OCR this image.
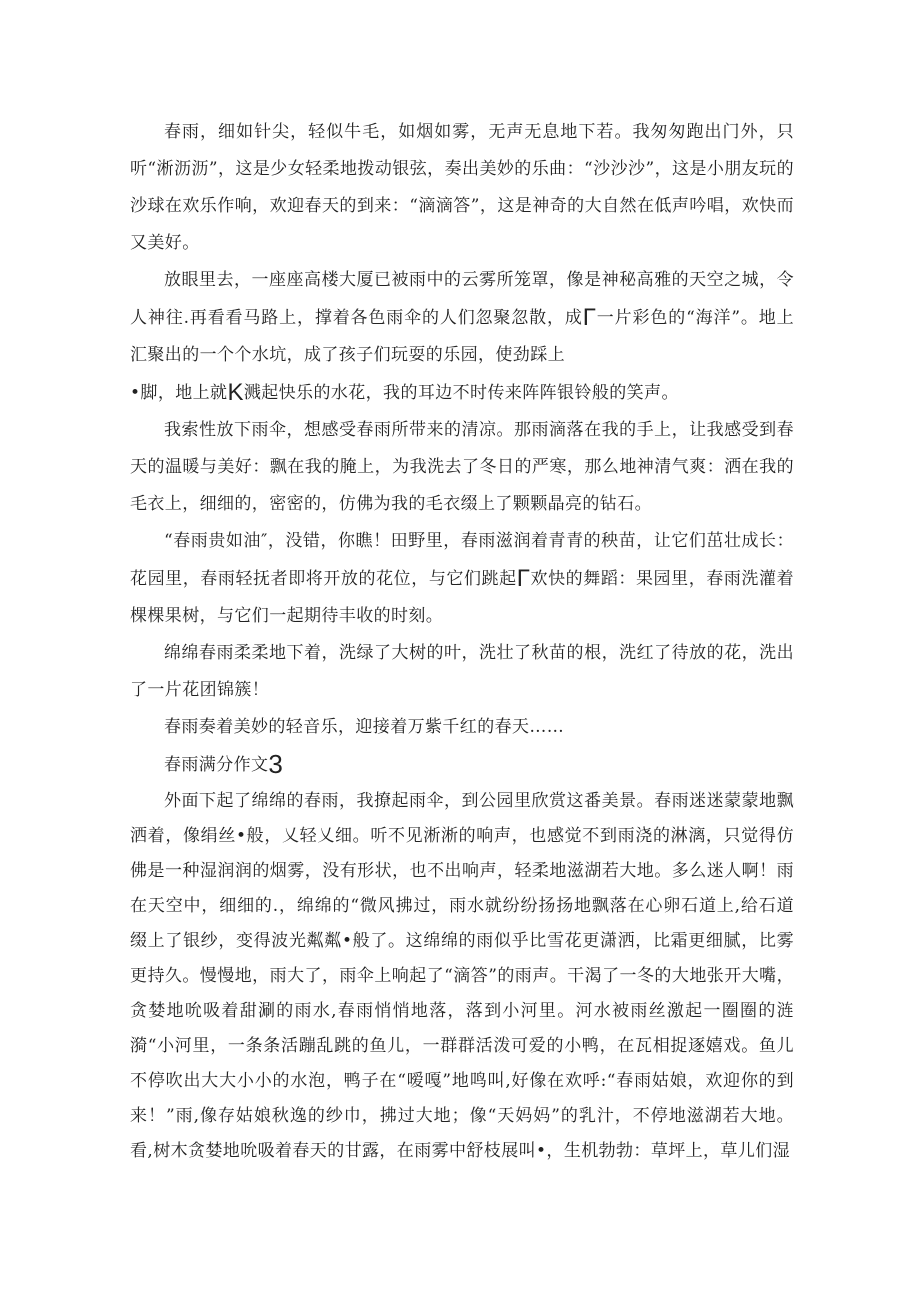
春雨，细如针尖，轻似牛毛，如烟如雾，无声无息地下若。我匆匆跑出门外，只听“淅沥沥”，这是少女轻柔地拨动银弦，奏出美妙的乐曲：“沙沙沙”，这是小朋友玩的沙球在欢乐作响，欢迎春天的到来：“滴滴答”，这是神奇的大自然在低声吟唱，欢快而又美好。

放眼里去，一座座高楼大厦已被雨中的云雾所笼罩，像是神秘高雅的天空之城，令人神往.再看看马路上，撑着各色雨伞的人们忽聚忽散，成Γ一片彩色的“海洋”。地上汇聚出的一个个水坑，成了孩子们玩耍的乐园，使劲踩上

•脚，地上就K溅起快乐的水花，我的耳边不时传来阵阵银铃般的笑声。

我索性放下雨伞，想感受春雨所带来的清凉。那雨滴落在我的手上，让我感受到春天的温暖与美好：飘在我的腌上，为我洗去了冬日的严寒，那么地神清气爽：洒在我的毛衣上，细细的，密密的，仿佛为我的毛衣缀上了颗颗晶亮的钻石。

“春雨贵如油″，没错，你瞧！田野里，春雨滋润着青青的秧苗，让它们茁壮成长：花园里，春雨轻抚者即将开放的花位，与它们跳起Γ欢快的舞蹈：果园里，春雨洗灌着棵棵果树，与它们一起期待丰收的时刻。

绵绵春雨柔柔地下着，洗绿了大树的叶，洗壮了秋苗的根，洗红了待放的花，洗出了一片花团锦簇！

春雨奏着美妙的轻音乐，迎接着万紫千红的春天……

春雨满分作文3

外面下起了绵绵的春雨，我撩起雨伞，到公园里欣赏这番美景。春雨迷迷蒙蒙地飘洒着，像绢丝•般，乂轻乂细。听不见淅淅的响声，也感觉不到雨浇的淋漓，只觉得仿佛是一种湿润润的烟雾，没有形状，也不出响声，轻柔地滋湖若大地。多么迷人啊！雨在天空中，细细的.，绵绵的“微风拂过，雨水就纷纷扬扬地飘落在心卵石道上,给石道缀上了银纱，变得波光粼粼•般了。这绵绵的雨似乎比雪花更潇洒，比霜更细腻，比雾更持久。慢慢地，雨大了，雨伞上响起了“滴答”的雨声。干渴了一冬的大地张开大嘴，贪婪地吮吸着甜涮的雨水,春雨悄悄地落，落到小河里。河水被雨丝激起一圈圈的涟漪“小河里，一条条活蹦乱跳的鱼儿，一群群活泼可爱的小鸭，在瓦相捉逐嬉戏。鱼儿不停吹出大大小小的水泡，鸭子在“嗳嘎”地鸣叫,好像在欢呼:“春雨姑娘，欢迎你的到来！”雨,像存姑娘秋逸的纱巾，拂过大地；像“天妈妈”的乳汁，不停地滋湖若大地。看,树木贪婪地吮吸着春天的甘露，在雨雾中舒枝展叫•，生机勃勃：草坪上，草儿们湿
